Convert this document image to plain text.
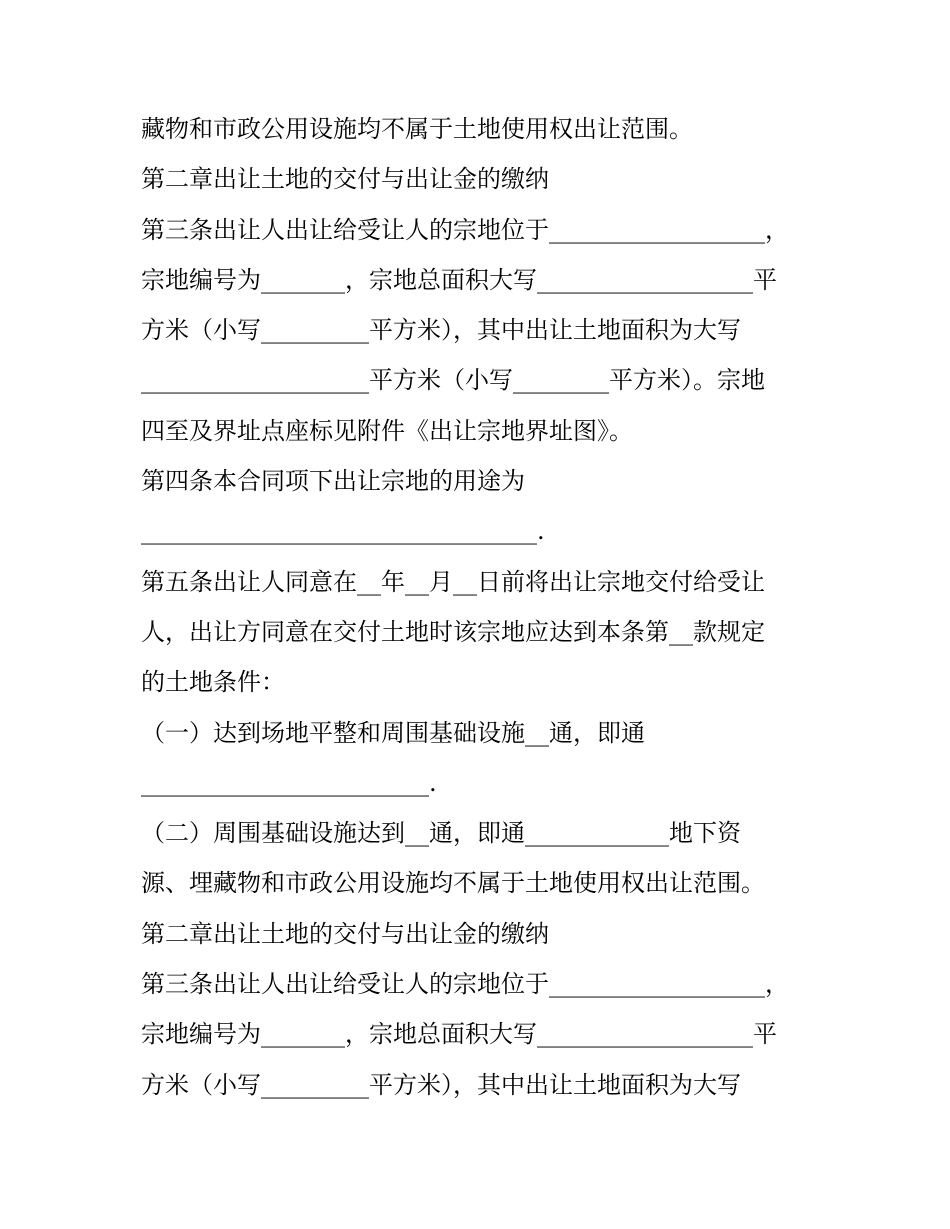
藏物和市政公用设施均不属于土地使用权出让范围。
第二章出让土地的交付与出让金的缴纳
第三条出让人出让给受让人的宗地位于__________________，
宗地编号为_______，宗地总面积大写__________________平
方米（小写_________平方米），其中出让土地面积为大写
___________________平方米（小写________平方米）。宗地
四至及界址点座标见附件《出让宗地界址图》。
第四条本合同项下出让宗地的用途为
_________________________________.
第五条出让人同意在__年__月__日前将出让宗地交付给受让
人，出让方同意在交付土地时该宗地应达到本条第__款规定
的土地条件：
（一）达到场地平整和周围基础设施__通，即通
________________________.
（二）周围基础设施达到__通，即通____________地下资
源、埋藏物和市政公用设施均不属于土地使用权出让范围。
第二章出让土地的交付与出让金的缴纳
第三条出让人出让给受让人的宗地位于__________________，
宗地编号为_______，宗地总面积大写__________________平
方米（小写_________平方米），其中出让土地面积为大写
